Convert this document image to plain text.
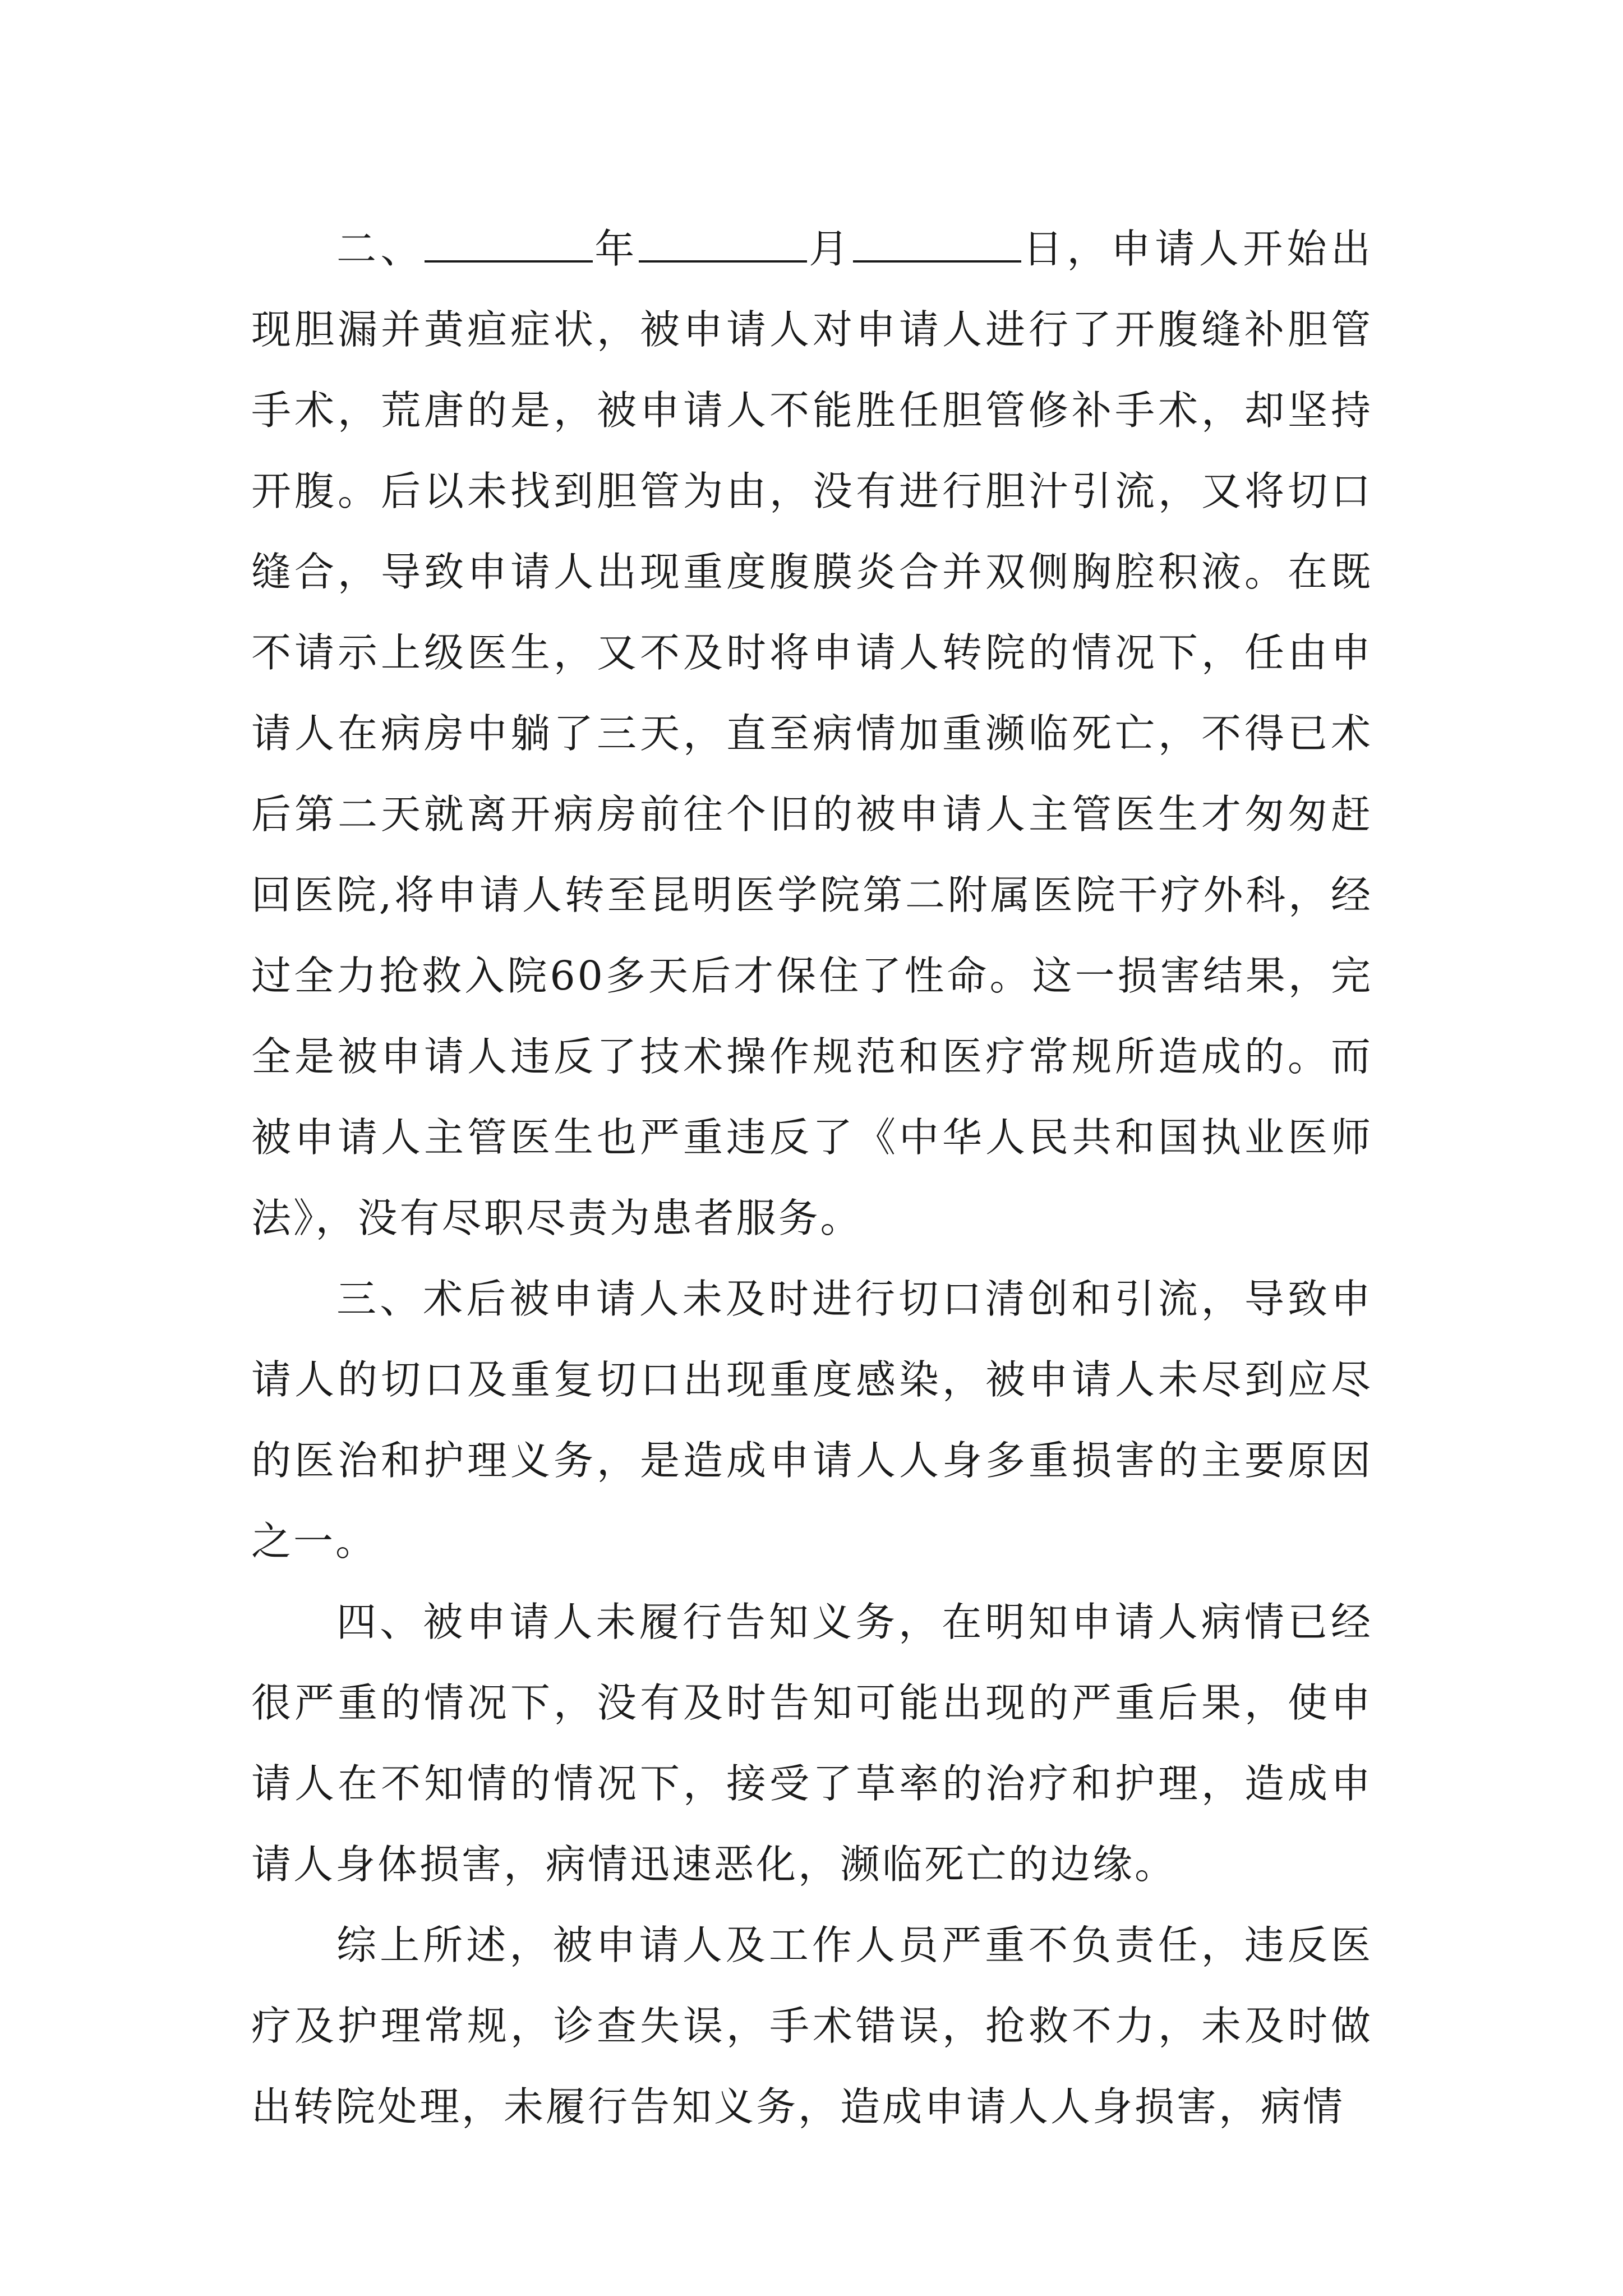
二、	年	月	日，申请人开始出现胆漏并黄疸症状，被申请人对申请人进行了开腹缝补胆管手术，荒唐的是，被申请人不能胜任胆管修补手术，却坚持开腹。后以未找到胆管为由，没有进行胆汁引流，又将切口缝合，导致申请人出现重度腹膜炎合并双侧胸腔积液。在既不请示上级医生，又不及时将申请人转院的情况下，任由申请人在病房中躺了三天，直至病情加重濒临死亡，不得已术后第二天就离开病房前往个旧的被申请人主管医生才匆匆赶回医院,将申请人转至昆明医学院第二附属医院干疗外科，经过全力抢救入院60多天后才保住了性命。这一损害结果，完全是被申请人违反了技术操作规范和医疗常规所造成的。而被申请人主管医生也严重违反了《中华人民共和国执业医师法》，没有尽职尽责为患者服务。

三、术后被申请人未及时进行切口清创和引流，导致申请人的切口及重复切口出现重度感染，被申请人未尽到应尽的医治和护理义务，是造成申请人人身多重损害的主要原因之一。

四、被申请人未履行告知义务，在明知申请人病情已经很严重的情况下，没有及时告知可能出现的严重后果，使申请人在不知情的情况下，接受了草率的治疗和护理，造成申请人身体损害，病情迅速恶化，濒临死亡的边缘。

综上所述，被申请人及工作人员严重不负责任，违反医疗及护理常规，诊查失误，手术错误，抢救不力，未及时做出转院处理，未履行告知义务，造成申请人人身损害，病情
